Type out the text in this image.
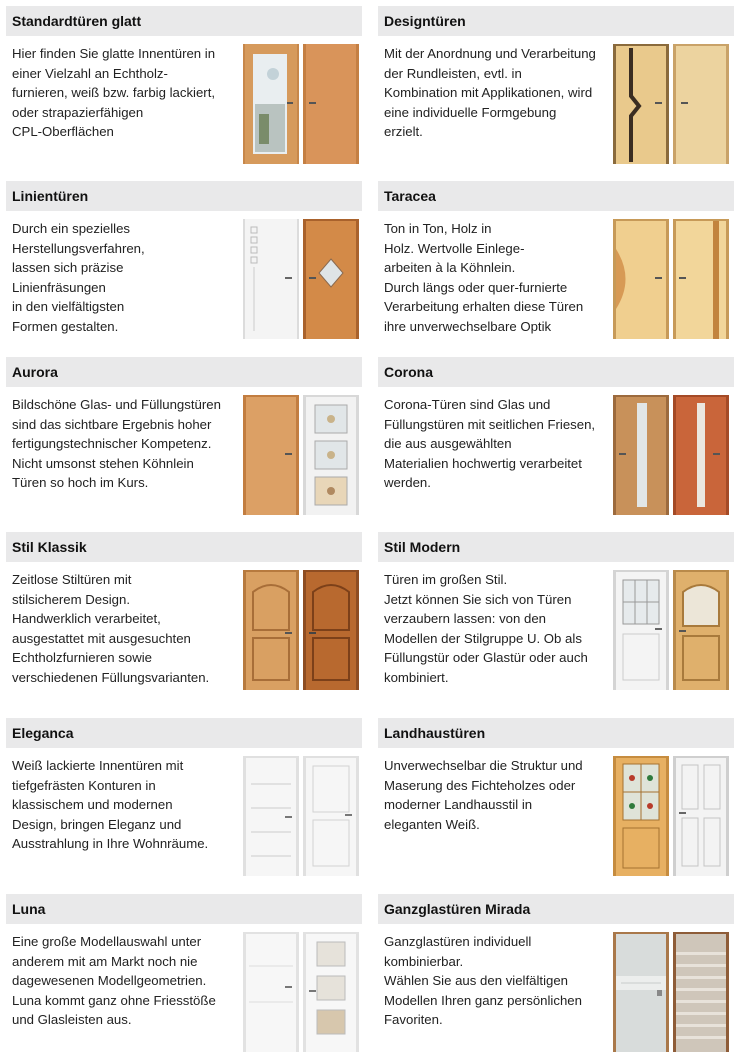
Standardtüren glatt

Hier finden Sie glatte Innentüren in
einer Vielzahl an Echtholz-
furnieren, weiß bzw. farbig lackiert,
oder strapazierfähigen
CPL-Oberflächen

Designtüren

Mit der Anordnung und Verarbeitung
der Rundleisten, evtl. in
Kombination mit Applikationen, wird
eine individuelle Formgebung
erzielt.

Linientüren

Durch ein spezielles
Herstellungsverfahren,
lassen sich präzise
Linienfräsungen
in den vielfältigsten
Formen gestalten.

Taracea

Ton in Ton, Holz in
Holz. Wertvolle Einlege-
arbeiten à la Köhnlein.
Durch längs oder quer-furnierte
Verarbeitung erhalten diese Türen
ihre unverwechselbare Optik

Aurora

Bildschöne Glas- und Füllungstüren
sind das sichtbare Ergebnis hoher
fertigungstechnischer Kompetenz.
Nicht umsonst stehen Köhnlein
Türen so hoch im Kurs.

Corona

Corona-Türen sind Glas und
Füllungstüren mit seitlichen Friesen,
die aus ausgewählten
Materialien hochwertig verarbeitet
werden.

Stil Klassik

Zeitlose Stiltüren mit
stilsicherem Design.
Handwerklich verarbeitet,
ausgestattet mit ausgesuchten
Echtholzfurnieren sowie
verschiedenen Füllungsvarianten.

Stil Modern

Türen im großen Stil.
Jetzt können Sie sich von Türen
verzaubern lassen: von den
Modellen der Stilgruppe U. Ob als
Füllungstür oder Glastür oder auch
kombiniert.

Eleganca

Weiß lackierte Innentüren mit
tiefgefrästen Konturen in
klassischem und modernen
Design, bringen Eleganz und
Ausstrahlung in Ihre Wohnräume.

Landhaustüren

Unverwechselbar die Struktur und
Maserung des Fichteholzes oder
moderner Landhausstil in
eleganten Weiß.

Luna

Eine große Modellauswahl unter
anderem mit am Markt noch nie
dagewesenen Modellgeometrien.
Luna kommt ganz ohne Friesstöße
und Glasleisten aus.

Ganzglastüren Mirada

Ganzglastüren individuell
kombinierbar.
Wählen Sie aus den vielfältigen
Modellen Ihren ganz persönlichen
Favoriten.
